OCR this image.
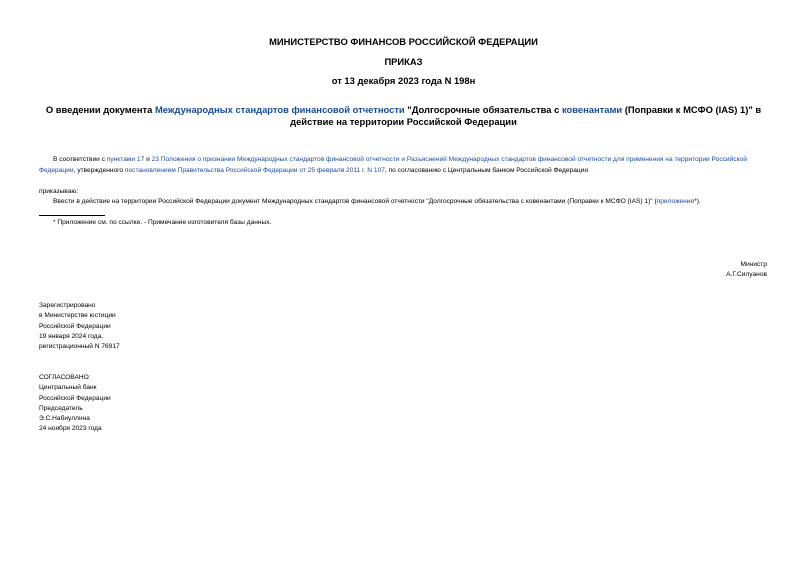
МИНИСТЕРСТВО ФИНАНСОВ РОССИЙСКОЙ ФЕДЕРАЦИИ
ПРИКАЗ
от 13 декабря 2023 года N 198н
О введении документа Международных стандартов финансовой отчетности "Долгосрочные обязательства с ковенантами (Поправки к МСФО (IAS) 1)" в действие на территории Российской Федерации
В соответствии с пунктами 17 и 23 Положения о признании Международных стандартов финансовой отчетности и Разъяснений Международных стандартов финансовой отчетности для применения на территории Российской Федерации, утвержденного постановлением Правительства Российской Федерации от 25 февраля 2011 г. N 107, по согласованию с Центральным банком Российской Федерации
приказываю:
Ввести в действие на территории Российской Федерации документ Международных стандартов финансовой отчетности "Долгосрочные обязательства с ковенантами (Поправки к МСФО (IAS) 1)" (приложение*).
* Приложение см. по ссылке. - Примечание изготовителя базы данных.
Министр
А.Г.Силуанов
Зарегистрировано
в Министерстве юстиции
Российской Федерации
19 января 2024 года,
регистрационный N 76917
СОГЛАСОВАНО:
Центральный банк
Российской Федерации
Председатель
Э.С.Набиуллина
24 ноября 2023 года
